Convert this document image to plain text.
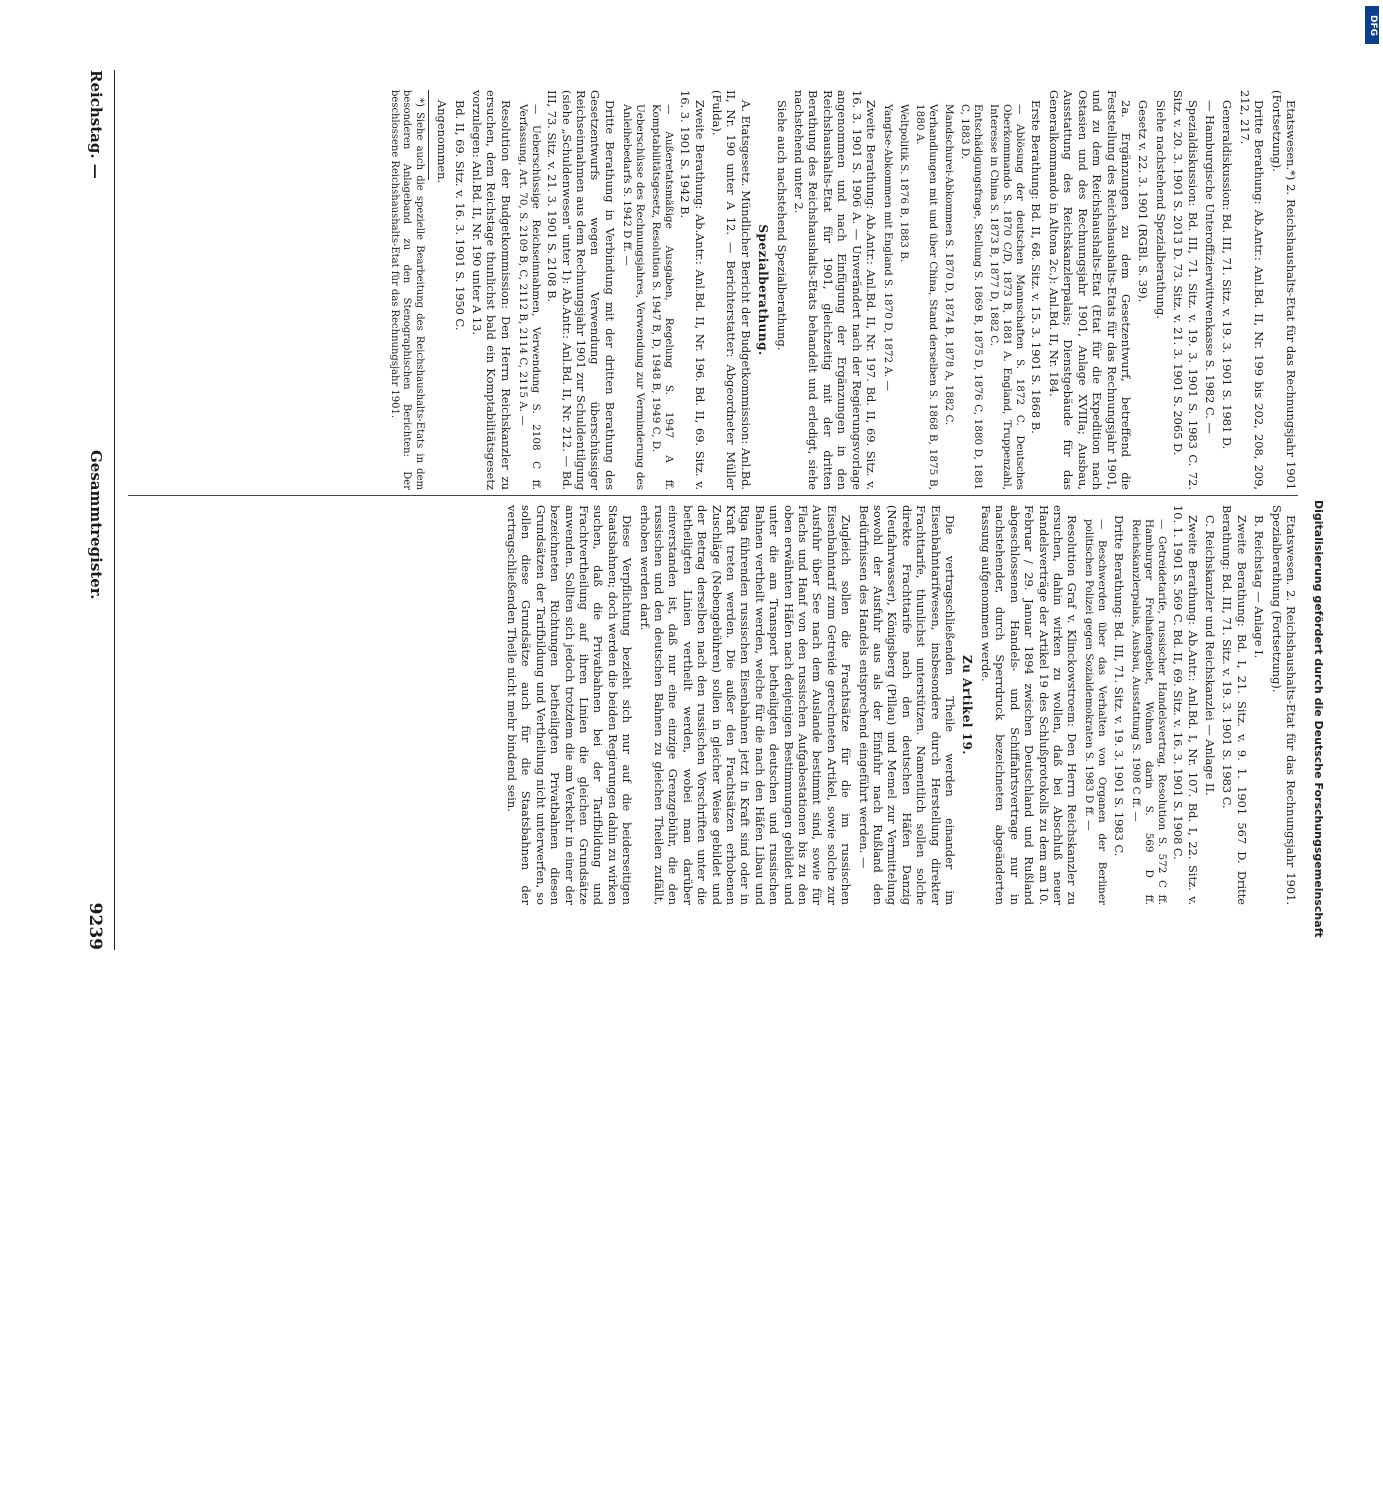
Reichstag. —
Gesammtregister.
9239

Etatswesen.*) 2. Reichshaushalts-Etat für das Rechnungsjahr 1901 (Fortsetzung).

Dritte Berathung: Ab.Antr.: Anl.Bd. II, Nr. 199 bis 202, 208, 209, 212, 217.

Generaldiskussion: Bd. III, 71. Sitz. v. 19. 3. 1901 S. 1981 D.

— Hamburgische Unteroffizierwittwenkasse S. 1982 C. —

Spezialdiskussion: Bd. III, 71. Sitz. v. 19. 3. 1901 S. 1983 C. 72. Sitz. v. 20. 3. 1901 S. 2013 D. 73. Sitz. v. 21. 3. 1901 S. 2065 D.

Siehe nachstehend Spezialberathung.

Gesetz v. 22. 3. 1901 (RGBl. S. 39).

2a. Ergänzungen zu dem Gesetzentwurf, betreffend die Feststellung des Reichshaushalts-Etats für das Rechnungsjahr 1901, und zu dem Reichshaushalts-Etat (Etat für die Expedition nach Ostasien und des Rechnungsjahr 1901, Anlage XVIIIa; Ausbau, Ausstattung des Reichskanzlerpalais; Dienstgebäude für das Generalkommando in Altona 2c.): Anl.Bd. II, Nr. 184.

Erste Berathung: Bd. II, 68. Sitz. v. 15. 3. 1901 S. 1868 B.

— Ablösung der deutschen Mannschaften S. 1872 C. Deutsches Oberkommando S. 1870 C/D, 1873 B, 1881 A. England, Truppenzahl, Interesse in China S. 1873 B, 1877 D, 1882 C.

Entschädigungsfrage, Stellung S. 1869 B, 1875 D, 1876 C, 1880 D, 1881 C, 1883 D.

Mandschurei-Abkommen S. 1870 D, 1874 B, 1878 A, 1882 C.

Verhandlungen mit und über China, Stand derselben S. 1868 B, 1875 B, 1880 A.

Weltpolitik S. 1876 B, 1883 B.

Yangtse-Abkommen mit England S. 1870 D, 1872 A. —

Zweite Berathung: Ab.Antr.: Anl.Bd. II, Nr. 197. Bd. II, 69. Sitz. v. 16. 3. 1901 S. 1906 A. — Unverändert nach der Regierungsvorlage angenommen und nach Einfügung der Ergänzungen in den Reichshaushalts-Etat für 1901, gleichzeitig mit der dritten Berathung des Reichshaushalts-Etats behandelt und erledigt, siehe nachstehend unter 2.

Siehe auch nachstehend Spezialberathung.

Spezialberathung.

A. Etatsgesetz. Mündlicher Bericht der Budgetkommission: Anl.Bd. II, Nr. 190 unter A 12. — Berichterstatter: Abgeordneter Müller (Fulda).

Zweite Berathung: Ab.Antr.: Anl.Bd. II, Nr. 196. Bd. II, 69. Sitz. v. 16. 3. 1901 S. 1942 B.

— Außeretatsmäßige Ausgaben, Regelung S. 1947 A ff. Komptabilitätsgesetz, Resolution S. 1947 B, D, 1948 B, 1949 C, D.

Ueberschüsse des Rechnungsjahres, Verwendung zur Verminderung des Anleihebedarfs S. 1942 D ff. —

Dritte Berathung in Verbindung mit der dritten Berathung des Gesetzentwurfs wegen Verwendung überschüssiger Reichseinnahmen aus dem Rechnungsjahr 1901 zur Schuldentilgung (siehe „Schuldenwesen" unter 1): Ab.Antr.: Anl.Bd. II, Nr. 212. — Bd. III, 73. Sitz. v. 21. 3. 1901 S. 2108 B.

— Ueberschüssige Reichseinnahmen, Verwendung S. 2108 C ff. Verfassung, Art. 70, S. 2109 B, C, 2112 B, 2114 C, 2115 A. —

Resolution der Budgetkommission: Den Herrn Reichskanzler zu ersuchen, dem Reichstage thunlichst bald ein Komptabilitätsgesetz vorzulegen: Anl.Bd. II, Nr. 190 unter A 13.

Bd. II, 69. Sitz. v. 16. 3. 1901 S. 1950 C.

Angenommen.

*) Siehe auch die spezielle Bearbeitung des Reichshaushalts-Etats in dem besonderen Anlageband zu den Stenographischen Berichten: Der beschlossene Reichshaushalts-Etat für das Rechnungsjahr 1901.

Etatswesen. 2. Reichshaushalts-Etat für das Rechnungsjahr 1901. Spezialberathung (Fortsetzung).

B. Reichstag — Anlage I.

Zweite Berathung: Bd. I, 21. Sitz. v. 9. 1. 1901 567 D. Dritte Berathung: Bd. III, 71. Sitz. v. 19. 3. 1901 S. 1983 C.

C. Reichskanzler und Reichskanzlei — Anlage II.

Zweite Berathung: Ab.Antr.: Anl.Bd. I, Nr. 107. Bd. I, 22. Sitz. v. 10. 1. 1901 S. 569 C. Bd. II, 69. Sitz. v. 16. 3. 1901 S. 1908 C.

— Getreidetarife, russischer Handelsvertrag, Resolution S. 572 C ff. Hamburger Freihafengebiet, Wohnen darin S. 569 D ff. Reichskanzlerpalais, Ausbau, Ausstattung S. 1908 C ff. —

Dritte Berathung: Bd. III, 71. Sitz. v. 19. 3. 1901 S. 1983 C.

— Beschwerden über das Verhalten von Organen der Berliner politischen Polizei gegen Sozialdemokraten S. 1983 D ff. —

Resolution Graf v. Klinckowstroem: Den Herrn Reichskanzler zu ersuchen, dahin wirken zu wollen, daß bei Abschluß neuer Handelsverträge der Artikel 19 des Schlußprotokolls zu dem am 10. Februar / 29. Januar 1894 zwischen Deutschland und Rußland abgeschlossenen Handels- und Schiffahrtsvertrage nur in nachstehender, durch Sperrdruck bezeichneten abgeänderten Fassung aufgenommen werde.

Zu Artikel 19.

Die vertragschließenden Theile werden einander im Eisenbahntarifwesen, insbesondere durch Herstellung direkter Frachttarife, thunlichst unterstützen. Namentlich sollen solche direkte Frachttarife nach den deutschen Häfen Danzig (Neufahrwasser), Königsberg (Pillau) und Memel zur Vermittelung sowohl der Ausfuhr aus als der Einfuhr nach Rußland den Bedürfnissen des Handels entsprechend eingeführt werden. —

Zugleich sollen die Frachtsätze für die im russischen Eisenbahntarif zum Getreide gerechneten Artikel, sowie solche zur Ausfuhr über See nach dem Auslande bestimmt sind, sowie für Flachs und Hanf von den russischen Aufgabestationen bis zu den oben erwähnten Häfen nach denjenigen Bestimmungen gebildet und unter die am Transport betheiligten deutschen und russischen Bahnen vertheilt werden, welche für die nach den Häfen Libau und Riga führenden russischen Eisenbahnen jetzt in Kraft sind oder in Kraft treten werden. Die außer den Frachtsätzen erhobenen Zuschläge (Nebengebühren) sollen in gleicher Weise gebildet und der Betrag derselben nach den russischen Vorschriften unter die betheiligten Linien vertheilt werden, wobei man darüber einverstanden ist, daß nur eine einzige Grenzgebühr, die den russischen und den deutschen Bahnen zu gleichen Theilen zufällt, erhoben werden darf.

Diese Verpflichtung bezieht sich nur auf die beiderseitigen Staatsbahnen; doch werden die beiden Regierungen dahin zu wirken suchen, daß die Privatbahnen bei der Tarifbildung und Frachtvertheilung auf ihren Linien die gleichen Grundsätze anwenden. Sollten sich jedoch trotzdem die am Verkehr in einer der bezeichneten Richtungen betheiligten Privatbahnen diesen Grundsätzen der Tarifbildung und Vertheilung nicht unterwerfen, so sollen diese Grundsätze auch für die Staatsbahnen der vertragschließenden Theile nicht mehr bindend sein.	Digitalisierung gefördert durch die Deutsche Forschungsgemeinschaft
DFG
